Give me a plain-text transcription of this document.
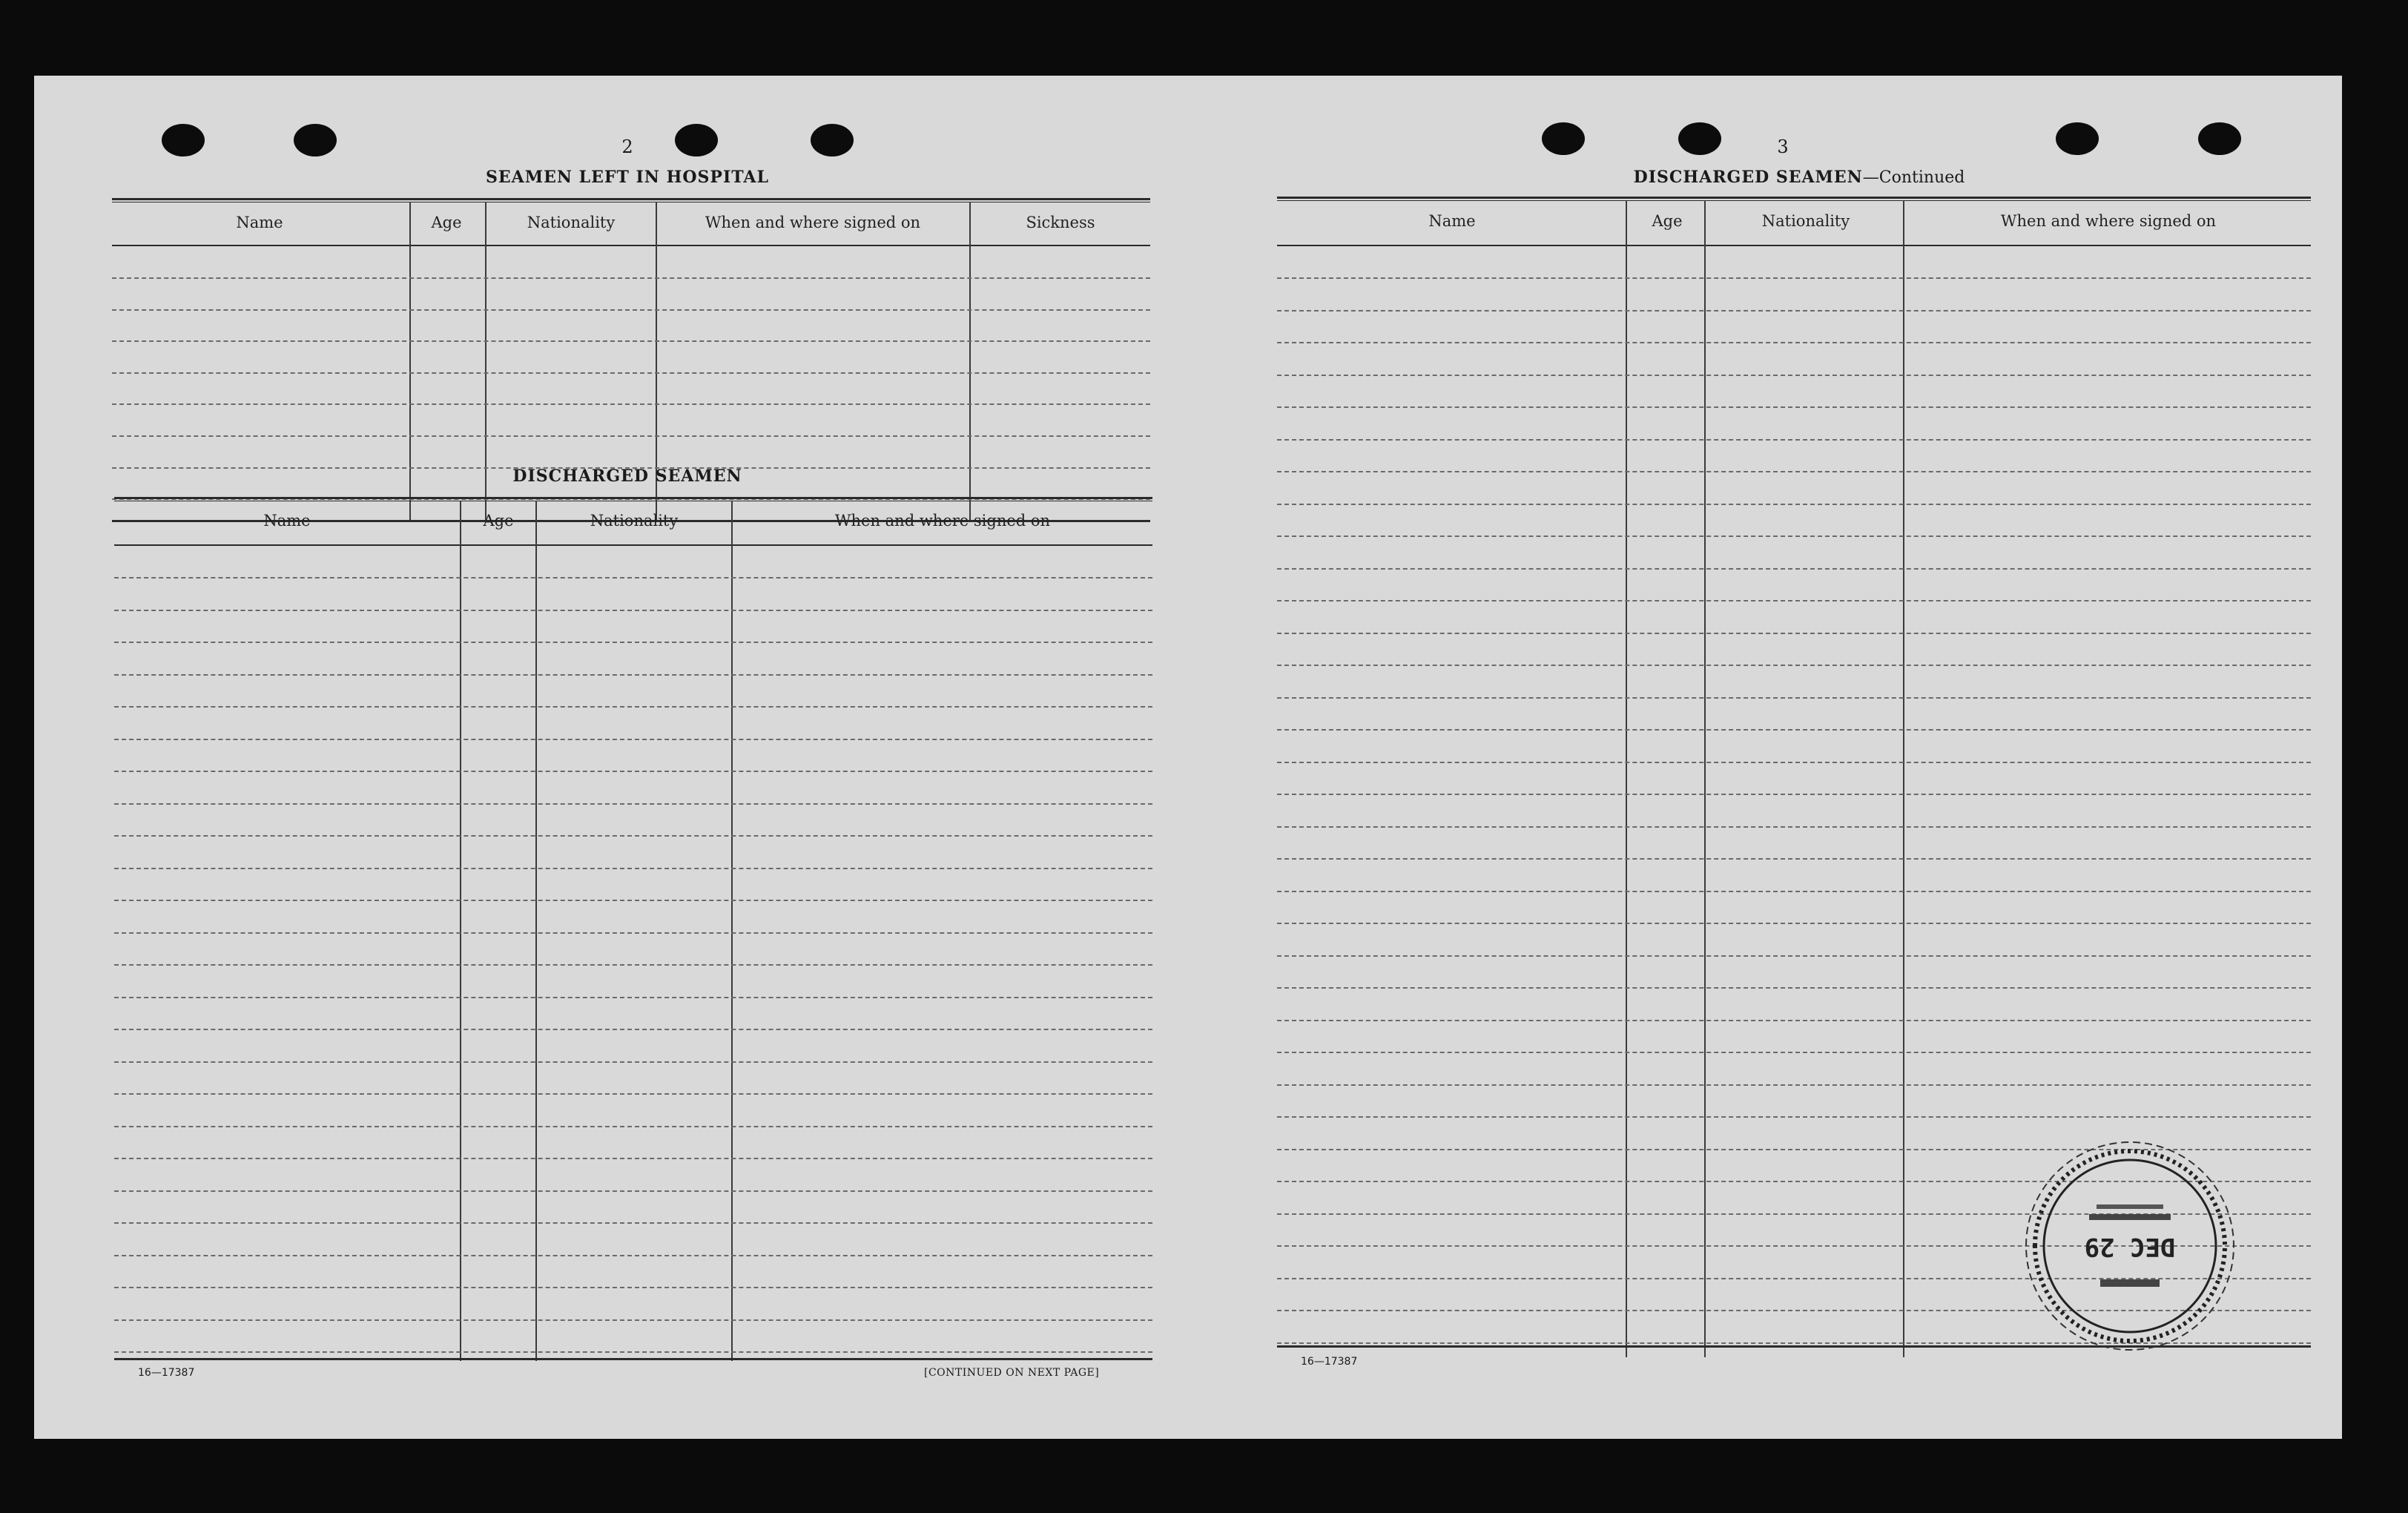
2
SEAMEN LEFT IN HOSPITAL
Name	Age	Nationality	When and where signed on	Sickness
DISCHARGED SEAMEN
Name	Age	Nationality	When and where signed on
16—17387	[CONTINUED ON NEXT PAGE]
3
DISCHARGED SEAMEN—Continued
Name	Age	Nationality	When and where signed on
16—17387
DEC 29
